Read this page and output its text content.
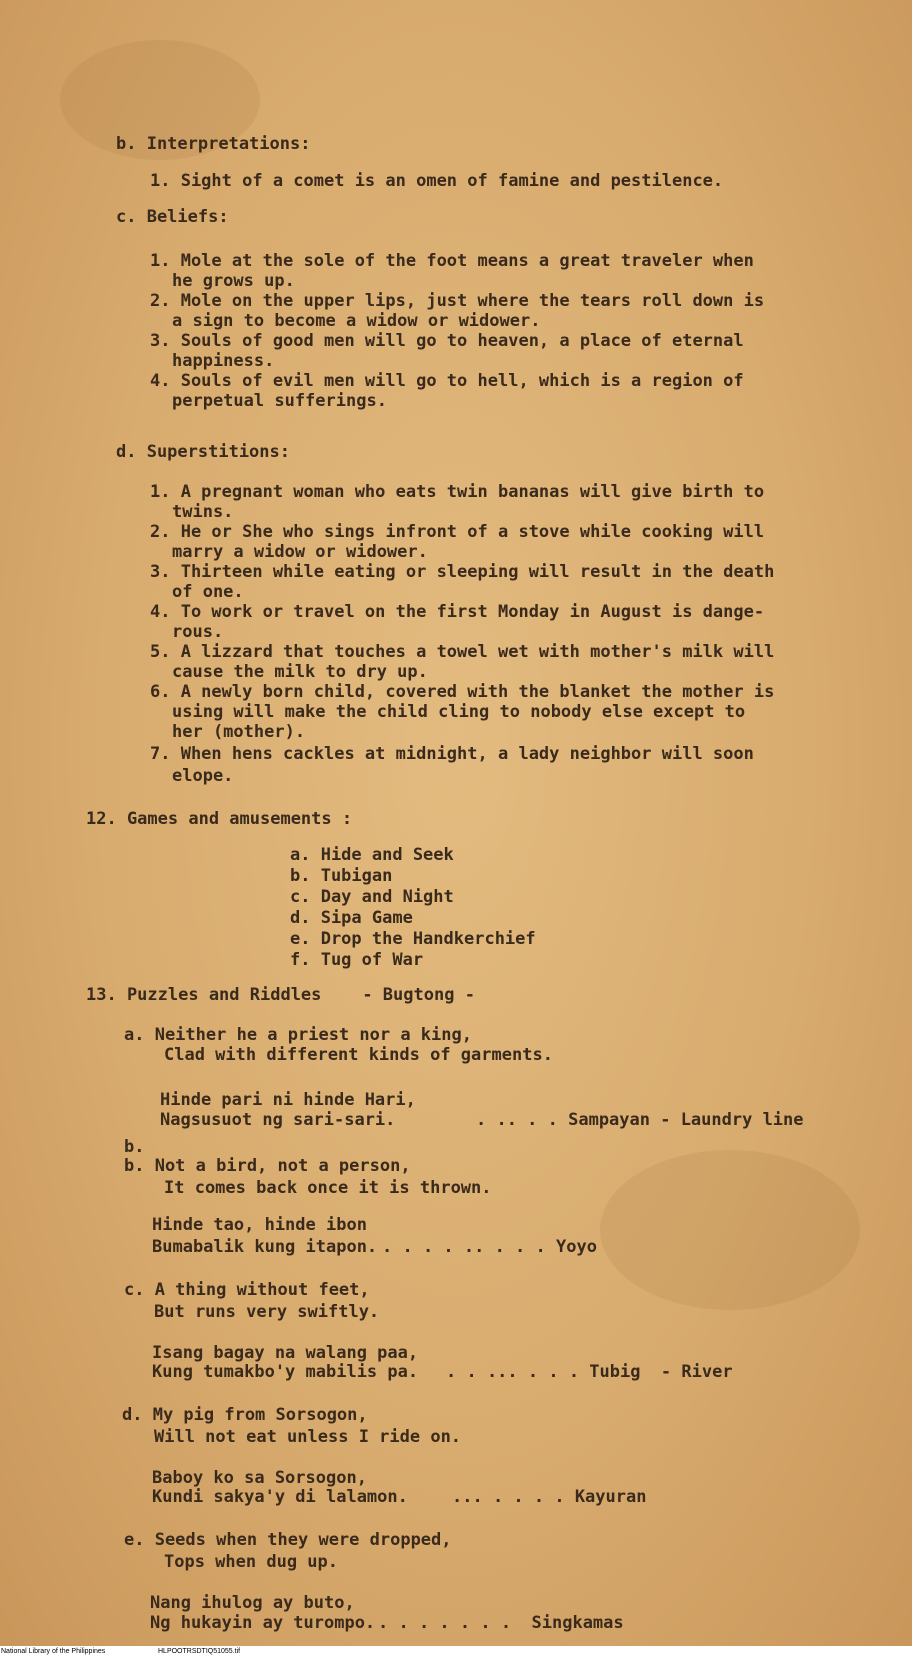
b. Interpretations:
1. Sight of a comet is an omen of famine and pestilence.
c. Beliefs:
1. Mole at the sole of the foot means a great traveler when
he grows up.
2. Mole on the upper lips, just where the tears roll down is
a sign to become a widow or widower.
3. Souls of good men will go to heaven, a place of eternal
happiness.
4. Souls of evil men will go to hell, which is a region of
perpetual sufferings.
d. Superstitions:
1. A pregnant woman who eats twin bananas will give birth to
twins.
2. He or She who sings infront of a stove while cooking will
marry a widow or widower.
3. Thirteen while eating or sleeping will result in the death
of one.
4. To work or travel on the first Monday in August is dange-
rous.
5. A lizzard that touches a towel wet with mother's milk will
cause the milk to dry up.
6. A newly born child, covered with the blanket the mother is
using will make the child cling to nobody else except to
her (mother).
7. When hens cackles at midnight, a lady neighbor will soon
elope.
12. Games and amusements :
a. Hide and Seek
b. Tubigan
c. Day and Night
d. Sipa Game
e. Drop the Handkerchief
f. Tug of War
13. Puzzles and Riddles    - Bugtong -
a. Neither he a priest nor a king,
Clad with different kinds of garments.
Hinde pari ni hinde Hari,
Nagsusuot ng sari-sari.	. .. . . Sampayan - Laundry line
b.
b. Not a bird, not a person,
It comes back once it is thrown.
Hinde tao, hinde ibon
Bumabalik kung itapon. . . . . .. . . . Yoyo
c. A thing without feet,
But runs very swiftly.
Isang bagay na walang paa,
Kung tumakbo'y mabilis pa. . . ... . . . Tubig  - River
d. My pig from Sorsogon,
Will not eat unless I ride on.
Baboy ko sa Sorsogon,
Kundi sakya'y di lalamon.	... . . . . Kayuran
e. Seeds when they were dropped,
Tops when dug up.
Nang ihulog ay buto,
Ng hukayin ay turompo. . . . . . . .  Singkamas
National Library of the Philippines	HLPOOTRSDTIQ51055.tif
